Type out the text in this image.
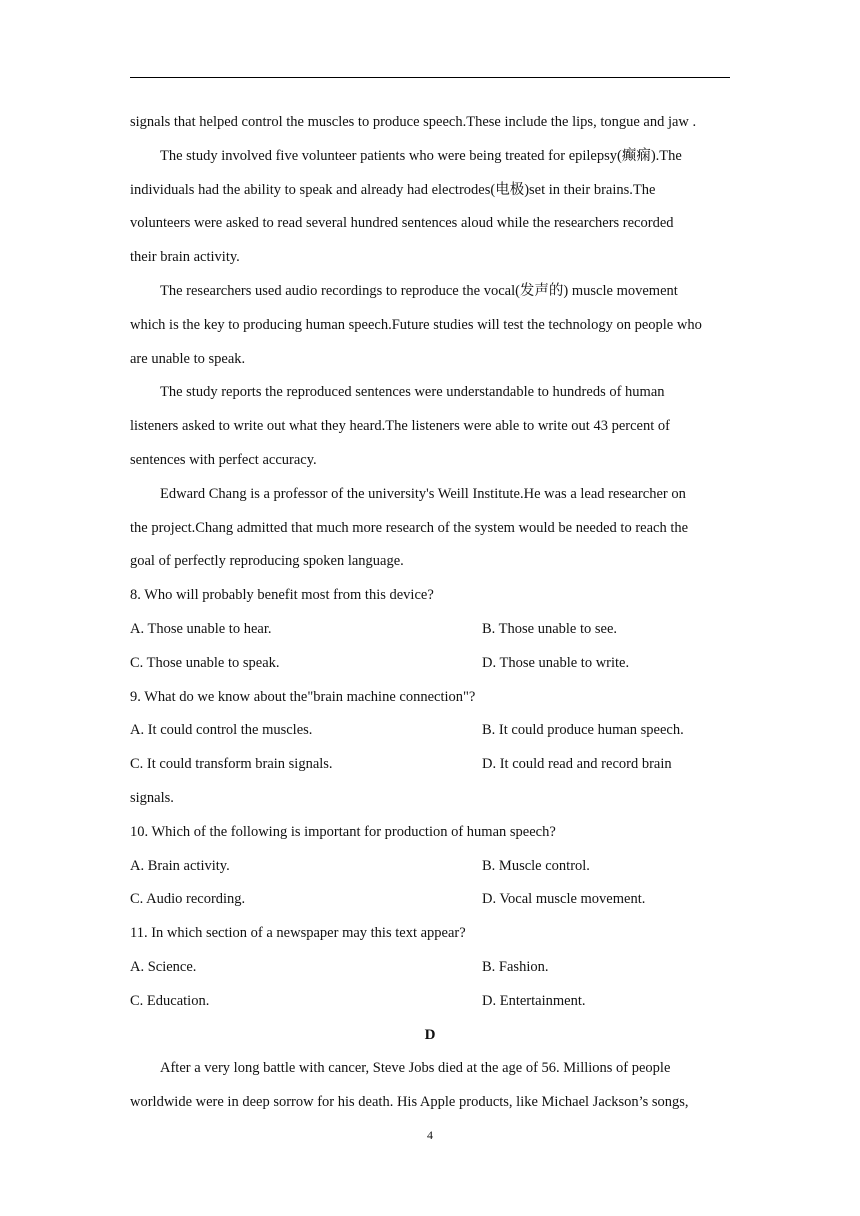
signals that helped control the muscles to produce speech.These include the lips, tongue and jaw .
The study involved five volunteer patients who were being treated for epilepsy(癫痫).The
individuals had the ability to speak and already had electrodes(电极)set in their brains.The
volunteers were asked to read several hundred sentences aloud while the researchers recorded
their brain activity.
The researchers used audio recordings to reproduce the vocal(发声的) muscle movement
which is the key to producing human speech.Future studies will test the technology on people who
are unable to speak.
The study reports the reproduced sentences were understandable to hundreds of human
listeners asked to write out what they heard.The listeners were able to write out 43 percent of
sentences with perfect accuracy.
Edward Chang is a professor of the university's Weill Institute.He was a lead researcher on
the project.Chang admitted that much more research of the system would be needed to reach the
goal of perfectly reproducing spoken language.
8. Who will probably benefit most from this device?
A. Those unable to hear.	B. Those unable to see.
C. Those unable to speak.	D. Those unable to write.
9. What do we know about the"brain machine connection"?
A. It could control the muscles.	B. It could produce human speech.
C. It could transform brain signals.	D. It could read and record brain
signals.
10. Which of the following is important for production of human speech?
A. Brain activity.	B. Muscle control.
C. Audio recording.	D. Vocal muscle movement.
11. In which section of a newspaper may this text appear?
A. Science.	B. Fashion.
C. Education.	D. Entertainment.
D
After a very long battle with cancer, Steve Jobs died at the age of 56. Millions of people
worldwide were in deep sorrow for his death. His Apple products, like Michael Jackson’s songs,
4
